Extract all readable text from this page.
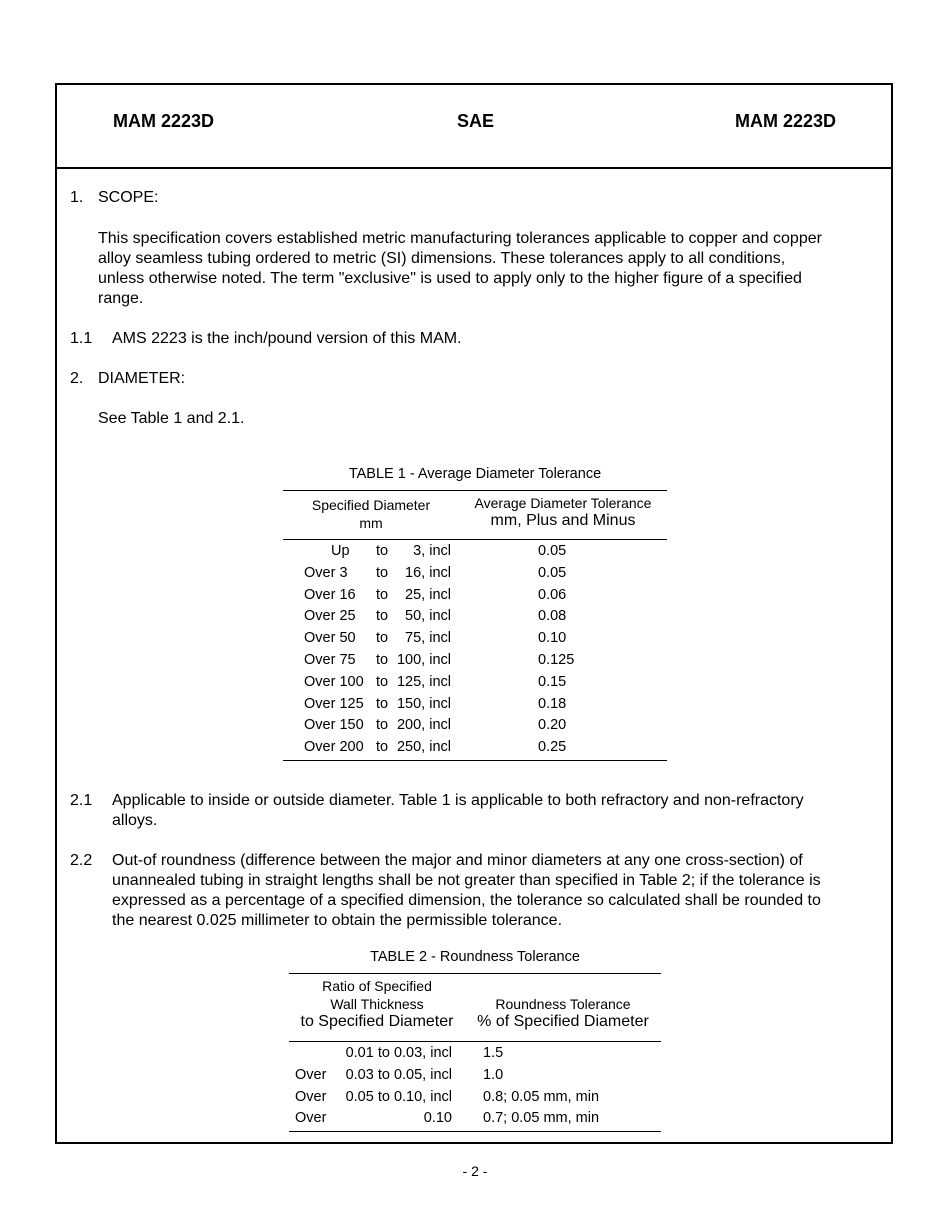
MAM 2223D	SAE	MAM 2223D
1. SCOPE:
This specification covers established metric manufacturing tolerances applicable to copper and copper
alloy seamless tubing ordered to metric (SI) dimensions. These tolerances apply to all conditions,
unless otherwise noted. The term "exclusive" is used to apply only to the higher figure of a specified
range.
1.1 AMS 2223 is the inch/pound version of this MAM.
2. DIAMETER:
See Table 1 and 2.1.
TABLE 1 - Average Diameter Tolerance
Specified Diameter
mm
Average Diameter Tolerance
mm, Plus and Minus
Up to	3, incl	0.05
Over 3 to	16, incl	0.05
Over 16 to	25, incl	0.06
Over 25 to	50, incl	0.08
Over 50 to	75, incl	0.10
Over 75 to 100, incl	0.125
Over 100 to 125, incl	0.15
Over 125 to 150, incl	0.18
Over 150 to 200, incl	0.20
Over 200 to 250, incl	0.25
2.1 Applicable to inside or outside diameter. Table 1 is applicable to both refractory and non-refractory
alloys.
2.2 Out-of roundness (difference between the major and minor diameters at any one cross-section) of
unannealed tubing in straight lengths shall be not greater than specified in Table 2; if the tolerance is
expressed as a percentage of a specified dimension, the tolerance so calculated shall be rounded to
the nearest 0.025 millimeter to obtain the permissible tolerance.
TABLE 2 - Roundness Tolerance
Ratio of Specified
Wall Thickness
to Specified Diameter
Roundness Tolerance
% of Specified Diameter
0.01 to 0.03, incl 1.5
Over	0.03 to 0.05, incl 1.0
Over	0.05 to 0.10, incl 0.8; 0.05 mm, min
Over	0.10 0.7; 0.05 mm, min
- 2 -
